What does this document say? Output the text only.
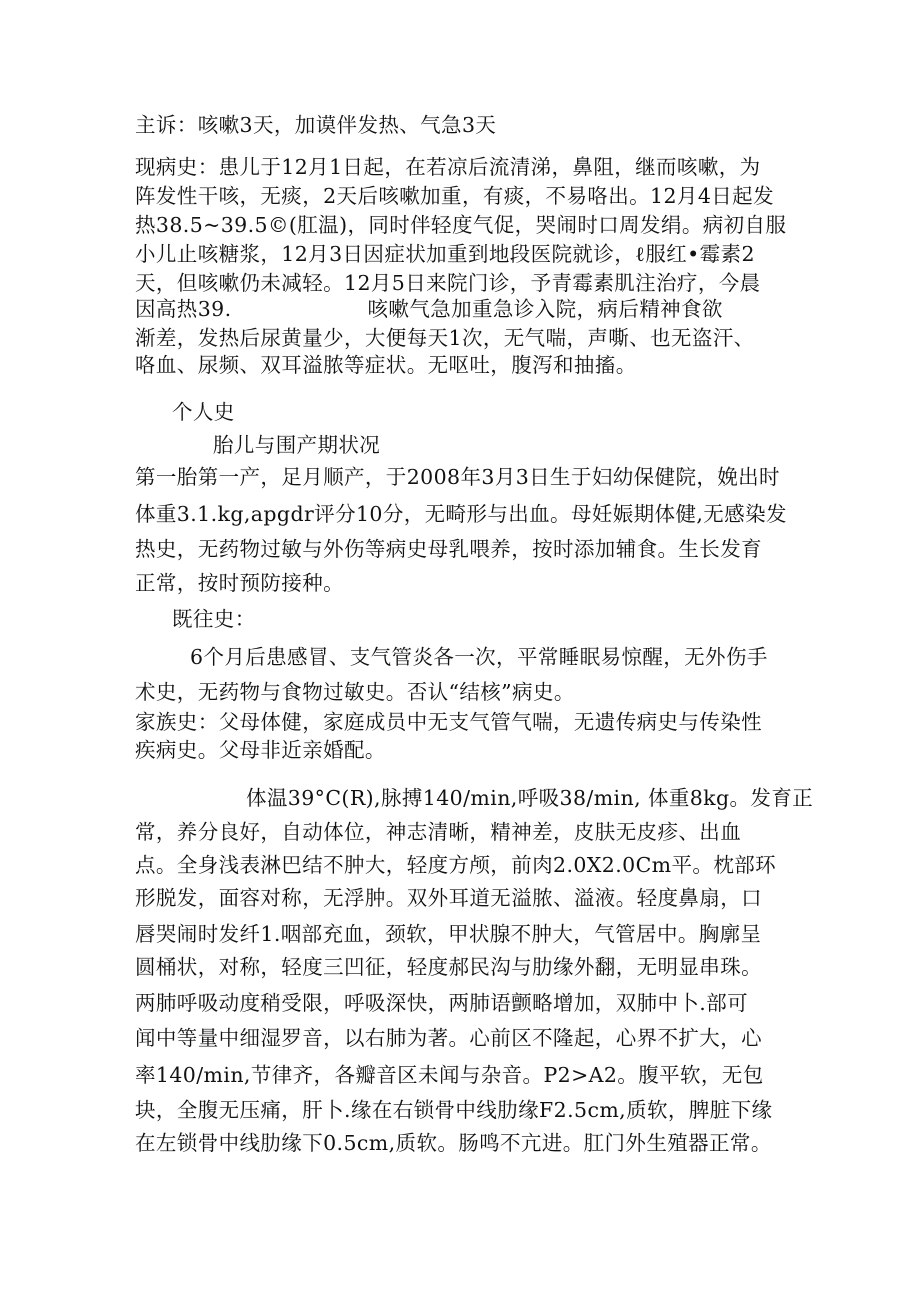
主诉：咳嗽3天，加谟伴发热、气急3天
现病史：患儿于12月1日起，在若凉后流清涕，鼻阻，继而咳嗽，为
阵发性干咳，无痰，2天后咳嗽加重，有痰，不易咯出。12月4日起发
热38.5~39.5©(肛温)，同时伴轻度气促，哭闹时口周发绢。病初自服
小儿止咳糖浆，12月3日因症状加重到地段医院就诊，ℓ服红•霉素2
天，但咳嗽仍未减轻。12月5日来院门诊，予青霉素肌注治疗，今晨
因高热39.	咳嗽气急加重急诊入院，病后精神食欲
渐差，发热后尿黄量少，大便每天1次，无气喘，声嘶、也无盗汗、
咯血、尿频、双耳溢脓等症状。无呕吐，腹泻和抽搐。
个人史
胎儿与围产期状况
第一胎第一产，足月顺产，于2008年3月3日生于妇幼保健院，娩出时
体重3.1.kg,apgdr评分10分，无畸形与出血。母妊娠期体健,无感染发
热史，无药物过敏与外伤等病史母乳喂养，按时添加辅食。生长发育
正常，按时预防接种。
既往史：
6个月后患感冒、支气管炎各一次，平常睡眠易惊醒，无外伤手
术史，无药物与食物过敏史。否认“结核”病史。
家族史：父母体健，家庭成员中无支气管气喘，无遗传病史与传染性
疾病史。父母非近亲婚配。
体温39°C(R),脉搏140/min,呼吸38/min, 体重8kg。发育正
常，养分良好，自动体位，神志清晰，精神差，皮肤无皮疹、出血
点。全身浅表淋巴结不肿大，轻度方颅，前肉2.0X2.0Cm平。枕部环
形脱发，面容对称，无浮肿。双外耳道无溢脓、溢液。轻度鼻扇，口
唇哭闹时发纤1.咽部充血，颈软，甲状腺不肿大，气管居中。胸廓呈
圆桶状，对称，轻度三凹征，轻度郝民沟与肋缘外翻，无明显串珠。
两肺呼吸动度稍受限，呼吸深快，两肺语颤略增加，双肺中卜.部可
闻中等量中细湿罗音，以右肺为著。心前区不隆起，心界不扩大，心
率140/min,节律齐，各瓣音区未闻与杂音。P2>A2。腹平软，无包
块，全腹无压痛，肝卜.缘在右锁骨中线肋缘F2.5cm,质软，脾脏下缘
在左锁骨中线肋缘下0.5cm,质软。肠鸣不亢进。肛门外生殖器正常。
